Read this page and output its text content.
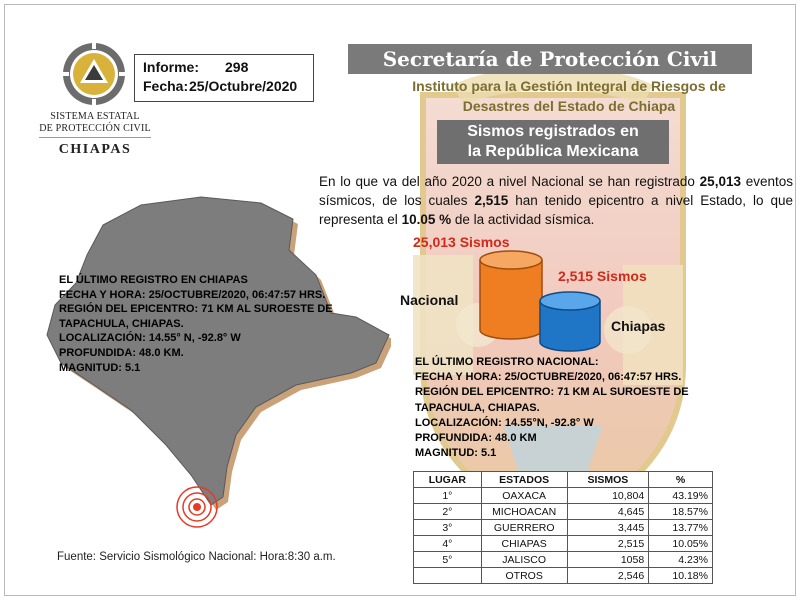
SISTEMA ESTATAL
DE PROTECCIÓN CIVIL
CHIAPAS
Informe: 298
Fecha:25/Octubre/2020
Secretaría de Protección Civil
Instituto para la Gestión Integral de Riesgos de
Desastres del Estado de Chiapa
Sismos registrados en
la República Mexicana
En lo que va del año 2020 a nivel Nacional se han registrado 25,013 eventos sísmicos, de los cuales 2,515 han tenido epicentro a nivel Estado, lo que representa el 10.05 % de la actividad sísmica.
25,013 Sismos
2,515 Sismos
Nacional
Chiapas
EL ÚLTIMO REGISTRO EN CHIAPAS
FECHA Y HORA: 25/OCTUBRE/2020, 06:47:57 HRS.
REGIÓN DEL EPICENTRO: 71 KM AL SUROESTE DE
TAPACHULA, CHIAPAS.
LOCALIZACIÓN: 14.55° N, -92.8° W
PROFUNDIDA: 48.0 KM.
MAGNITUD: 5.1	EL ÚLTIMO REGISTRO NACIONAL:
FECHA Y HORA: 25/OCTUBRE/2020, 06:47:57 HRS.
REGIÓN DEL EPICENTRO: 71 KM AL SUROESTE DE
TAPACHULA, CHIAPAS.
LOCALIZACIÓN: 14.55°N, -92.8° W
PROFUNDIDA: 48.0 KM
MAGNITUD: 5.1
LUGAR	ESTADOS	SISMOS	%
1°	OAXACA	10,804	43.19%
2°	MICHOACAN	4,645	18.57%
3°	GUERRERO	3,445	13.77%
4°	CHIAPAS	2,515	10.05%
5°	JALISCO	1058	4.23%
	OTROS	2,546	10.18%
Fuente: Servicio Sismológico Nacional: Hora:8:30 a.m.
